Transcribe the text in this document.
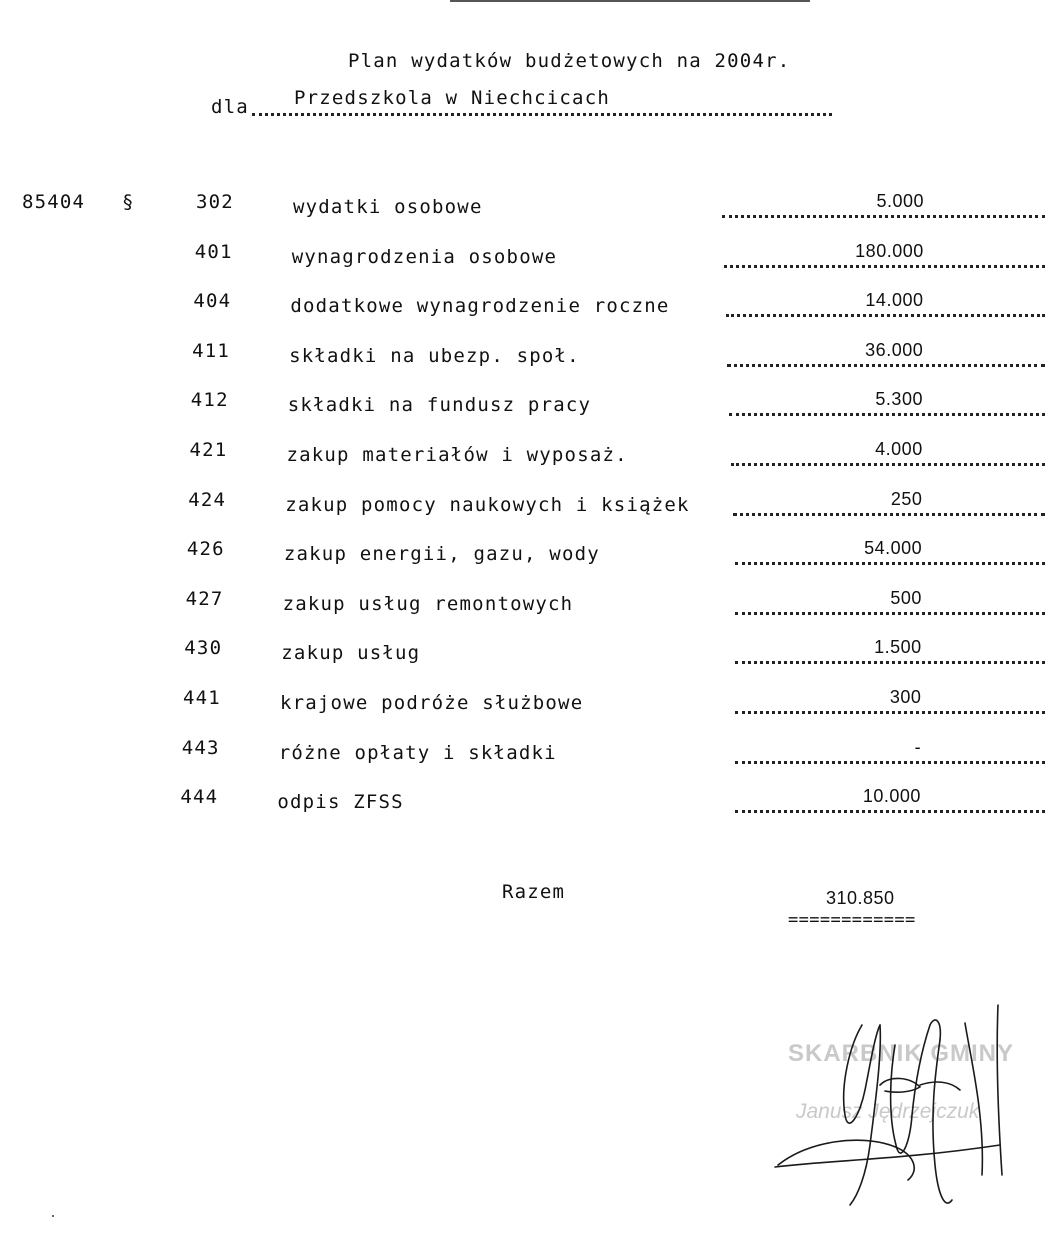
Plan wydatków budżetowych na 2004r.
dla Przedszkola w Niechcicach
85404 §	302	wydatki osobowe	5.000
401	wynagrodzenia osobowe	180.000
404	dodatkowe wynagrodzenie roczne	14.000
411	składki na ubezp. społ.	36.000
412	składki na fundusz pracy	5.300
421	zakup materiałów i wyposaż.	4.000
424	zakup pomocy naukowych i książek	250
426	zakup energii, gazu, wody	54.000
427	zakup usług remontowych	500
430	zakup usług	1.500
441	krajowe podróże służbowe	300
443	różne opłaty i składki	-
444	odpis ZFSS	10.000
Razem	310.850
============
SKARBNIK GMINY
Janusz Jędrzejczuk
